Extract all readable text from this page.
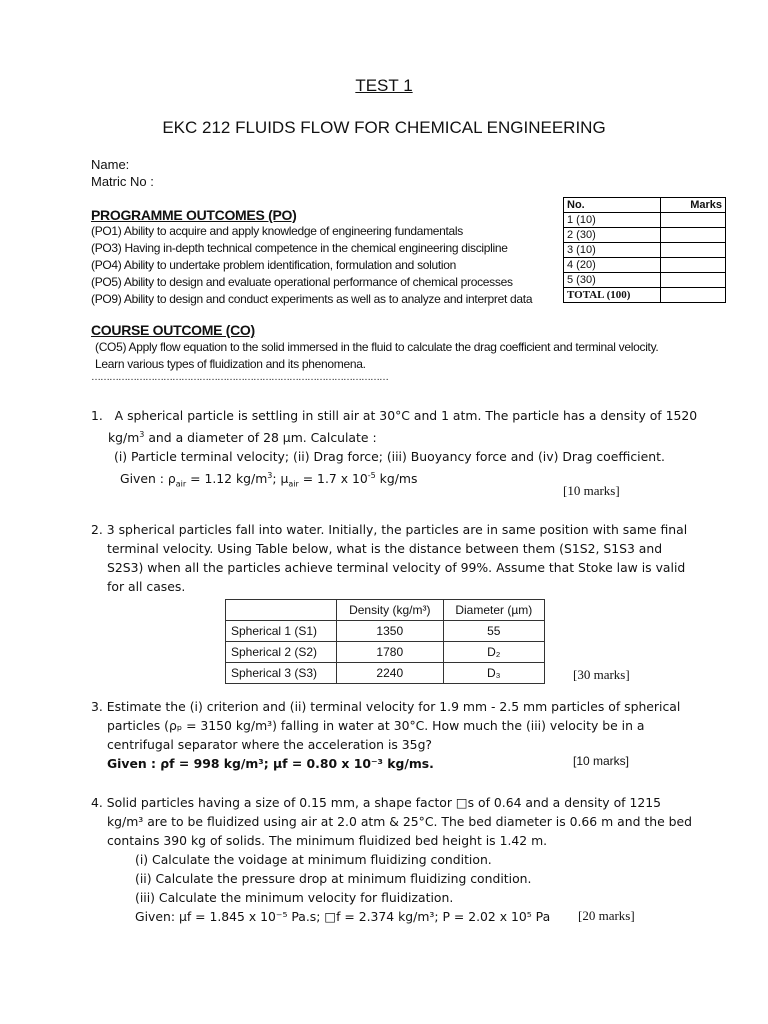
TEST 1
EKC 212 FLUIDS FLOW FOR CHEMICAL ENGINEERING
Name:
Matric No :
PROGRAMME OUTCOMES (PO)
(PO1) Ability to acquire and apply knowledge of engineering fundamentals
(PO3) Having in-depth technical competence in the chemical engineering discipline
(PO4) Ability to undertake problem identification, formulation and solution
(PO5) Ability to design and evaluate operational performance of chemical processes
(PO9) Ability to design and conduct experiments as well as to analyze and interpret data
No.	Marks
1 (10)	
2 (30)	
3 (10)	
4 (20)	
5 (30)	
TOTAL (100)	
COURSE OUTCOME (CO)
(CO5) Apply flow equation to the solid immersed in the fluid to calculate the drag coefficient and terminal velocity.
Learn various types of fluidization and its phenomena.
………………………………………………………………………………………
1. A spherical particle is settling in still air at 30°C and 1 atm. The particle has a density of 1520
$kg/m^3$ and a diameter of 28 µm. Calculate :
(i) Particle terminal velocity; (ii) Drag force; (iii) Buoyancy force and (iv) Drag coefficient.
Given : $\rho_{air} = 1.12$ $kg/m^3$; µ$_{air}$ = 1.7 x $10^{-5}$ kg/ms
[10 marks]
2. 3 spherical particles fall into water. Initially, the particles are in same position with same final
terminal velocity. Using Table below, what is the distance between them (S1S2, S1S3 and
S2S3) when all the particles achieve terminal velocity of 99%. Assume that Stoke law is valid
for all cases.
	Density (kg/m³)	Diameter (µm)
Spherical 1 (S1)	1350	55
Spherical 2 (S2)	1780	D₂
Spherical 3 (S3)	2240	D₃	[30 marks]
3. Estimate the (i) criterion and (ii) terminal velocity for 1.9 mm - 2.5 mm particles of spherical
particles (ρₚ = 3150 kg/m³) falling in water at 30°C. How much the (iii) velocity be in a
centrifugal separator where the acceleration is 35g?
Given : ρf = 998 kg/m³; µf = 0.80 x 10⁻³ kg/ms.	[10 marks]
4. Solid particles having a size of 0.15 mm, a shape factor □s of 0.64 and a density of 1215
kg/m³ are to be fluidized using air at 2.0 atm & 25°C. The bed diameter is 0.66 m and the bed
contains 390 kg of solids. The minimum fluidized bed height is 1.42 m.
(i) Calculate the voidage at minimum fluidizing condition.
(ii) Calculate the pressure drop at minimum fluidizing condition.
(iii) Calculate the minimum velocity for fluidization.
Given: µf = 1.845 x 10⁻⁵ Pa.s; □f = 2.374 kg/m³; P = 2.02 x 10⁵ Pa	[20 marks]
